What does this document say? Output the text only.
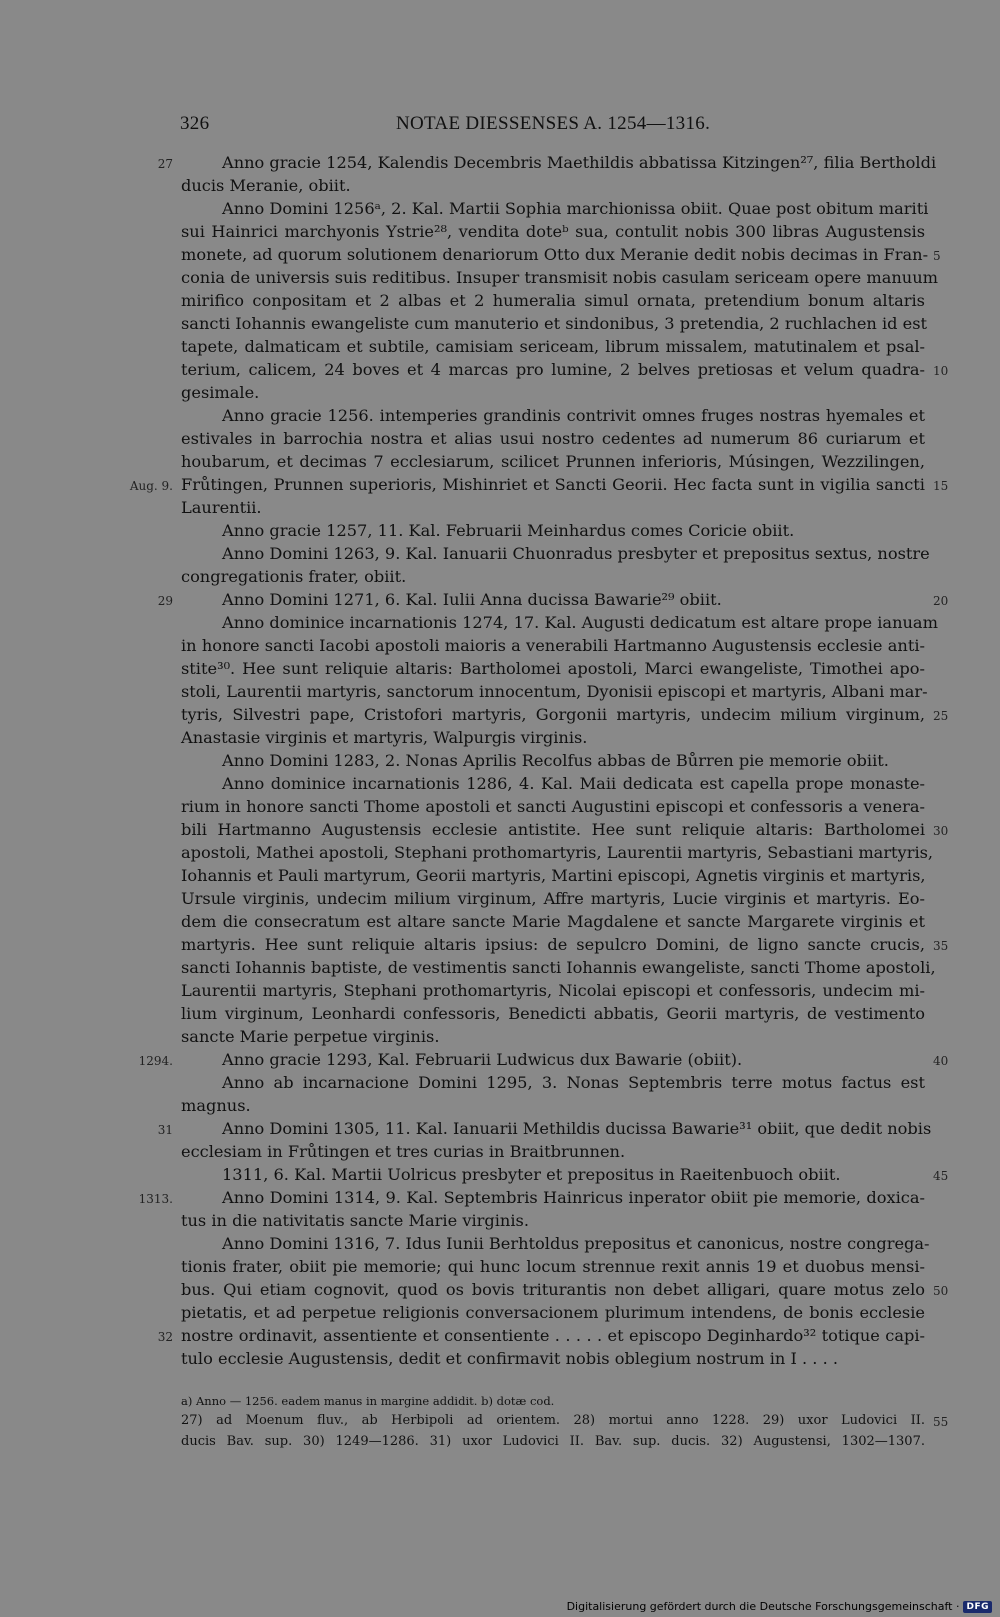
326	NOTAE DIESSENSES A. 1254—1316.
27	Anno gracie 1254, Kalendis Decembris Maethildis abbatissa Kitzingen²⁷, filia Bertholdi
ducis Meranie, obiit.
Anno Domini 1256ᵃ, 2. Kal. Martii Sophia marchionissa obiit. Quae post obitum mariti
sui Hainrici marchyonis Ystrie²⁸, vendita doteᵇ sua, contulit nobis 300 libras Augustensis
monete, ad quorum solutionem denariorum Otto dux Meranie dedit nobis decimas in Fran- 5
conia de universis suis reditibus. Insuper transmisit nobis casulam sericeam opere manuum
mirifico conpositam et 2 albas et 2 humeralia simul ornata, pretendium bonum altaris
sancti Iohannis ewangeliste cum manuterio et sindonibus, 3 pretendia, 2 ruchlachen id est
tapete, dalmaticam et subtile, camisiam sericeam, librum missalem, matutinalem et psal-
terium, calicem, 24 boves et 4 marcas pro lumine, 2 belves pretiosas et velum quadra- 10
gesimale.
Anno gracie 1256. intemperies grandinis contrivit omnes fruges nostras hyemales et
estivales in barrochia nostra et alias usui nostro cedentes ad numerum 86 curiarum et
houbarum, et decimas 7 ecclesiarum, scilicet Prunnen inferioris, Músingen, Wezzilingen,
Aug. 9. Frůtingen, Prunnen superioris, Mishinriet et Sancti Georii. Hec facta sunt in vigilia sancti 15
Laurentii.
Anno gracie 1257, 11. Kal. Februarii Meinhardus comes Coricie obiit.
Anno Domini 1263, 9. Kal. Ianuarii Chuonradus presbyter et prepositus sextus, nostre
congregationis frater, obiit.
29	Anno Domini 1271, 6. Kal. Iulii Anna ducissa Bawarie²⁹ obiit.	20
Anno dominice incarnationis 1274, 17. Kal. Augusti dedicatum est altare prope ianuam
in honore sancti Iacobi apostoli maioris a venerabili Hartmanno Augustensis ecclesie anti-
stite³⁰. Hee sunt reliquie altaris: Bartholomei apostoli, Marci ewangeliste, Timothei apo-
stoli, Laurentii martyris, sanctorum innocentum, Dyonisii episcopi et martyris, Albani mar-
tyris, Silvestri pape, Cristofori martyris, Gorgonii martyris, undecim milium virginum, 25
Anastasie virginis et martyris, Walpurgis virginis.
Anno Domini 1283, 2. Nonas Aprilis Recolfus abbas de Bůrren pie memorie obiit.
Anno dominice incarnationis 1286, 4. Kal. Maii dedicata est capella prope monaste-
rium in honore sancti Thome apostoli et sancti Augustini episcopi et confessoris a venera-
bili Hartmanno Augustensis ecclesie antistite. Hee sunt reliquie altaris: Bartholomei 30
apostoli, Mathei apostoli, Stephani prothomartyris, Laurentii martyris, Sebastiani martyris,
Iohannis et Pauli martyrum, Georii martyris, Martini episcopi, Agnetis virginis et martyris,
Ursule virginis, undecim milium virginum, Affre martyris, Lucie virginis et martyris. Eo-
dem die consecratum est altare sancte Marie Magdalene et sancte Margarete virginis et
martyris. Hee sunt reliquie altaris ipsius: de sepulcro Domini, de ligno sancte crucis, 35
sancti Iohannis baptiste, de vestimentis sancti Iohannis ewangeliste, sancti Thome apostoli,
Laurentii martyris, Stephani prothomartyris, Nicolai episcopi et confessoris, undecim mi-
lium virginum, Leonhardi confessoris, Benedicti abbatis, Georii martyris, de vestimento
sancte Marie perpetue virginis.
1294.	Anno gracie 1293, Kal. Februarii Ludwicus dux Bawarie (obiit).	40
Anno ab incarnacione Domini 1295, 3. Nonas Septembris terre motus factus est
magnus.
31	Anno Domini 1305, 11. Kal. Ianuarii Methildis ducissa Bawarie³¹ obiit, que dedit nobis
ecclesiam in Frůtingen et tres curias in Braitbrunnen.
1311, 6. Kal. Martii Uolricus presbyter et prepositus in Raeitenbuoch obiit.	45
1313.	Anno Domini 1314, 9. Kal. Septembris Hainricus inperator obiit pie memorie, doxica-
tus in die nativitatis sancte Marie virginis.
Anno Domini 1316, 7. Idus Iunii Berhtoldus prepositus et canonicus, nostre congrega-
tionis frater, obiit pie memorie; qui hunc locum strennue rexit annis 19 et duobus mensi-
bus. Qui etiam cognovit, quod os bovis triturantis non debet alligari, quare motus zelo 50
pietatis, et ad perpetue religionis conversacionem plurimum intendens, de bonis ecclesie
32 nostre ordinavit, assentiente et consentiente . . . . . et episcopo Deginhardo³² totique capi-
tulo ecclesie Augustensis, dedit et confirmavit nobis oblegium nostrum in I . . . .
a) Anno — 1256. eadem manus in margine addidit. b) dotæ cod.
27) ad Moenum fluv., ab Herbipoli ad orientem. 28) mortui anno 1228. 29) uxor Ludovici II. 55
ducis Bav. sup. 30) 1249—1286. 31) uxor Ludovici II. Bav. sup. ducis. 32) Augustensi, 1302—1307.
Digitalisierung gefördert durch die Deutsche Forschungsgemeinschaft · DFG
